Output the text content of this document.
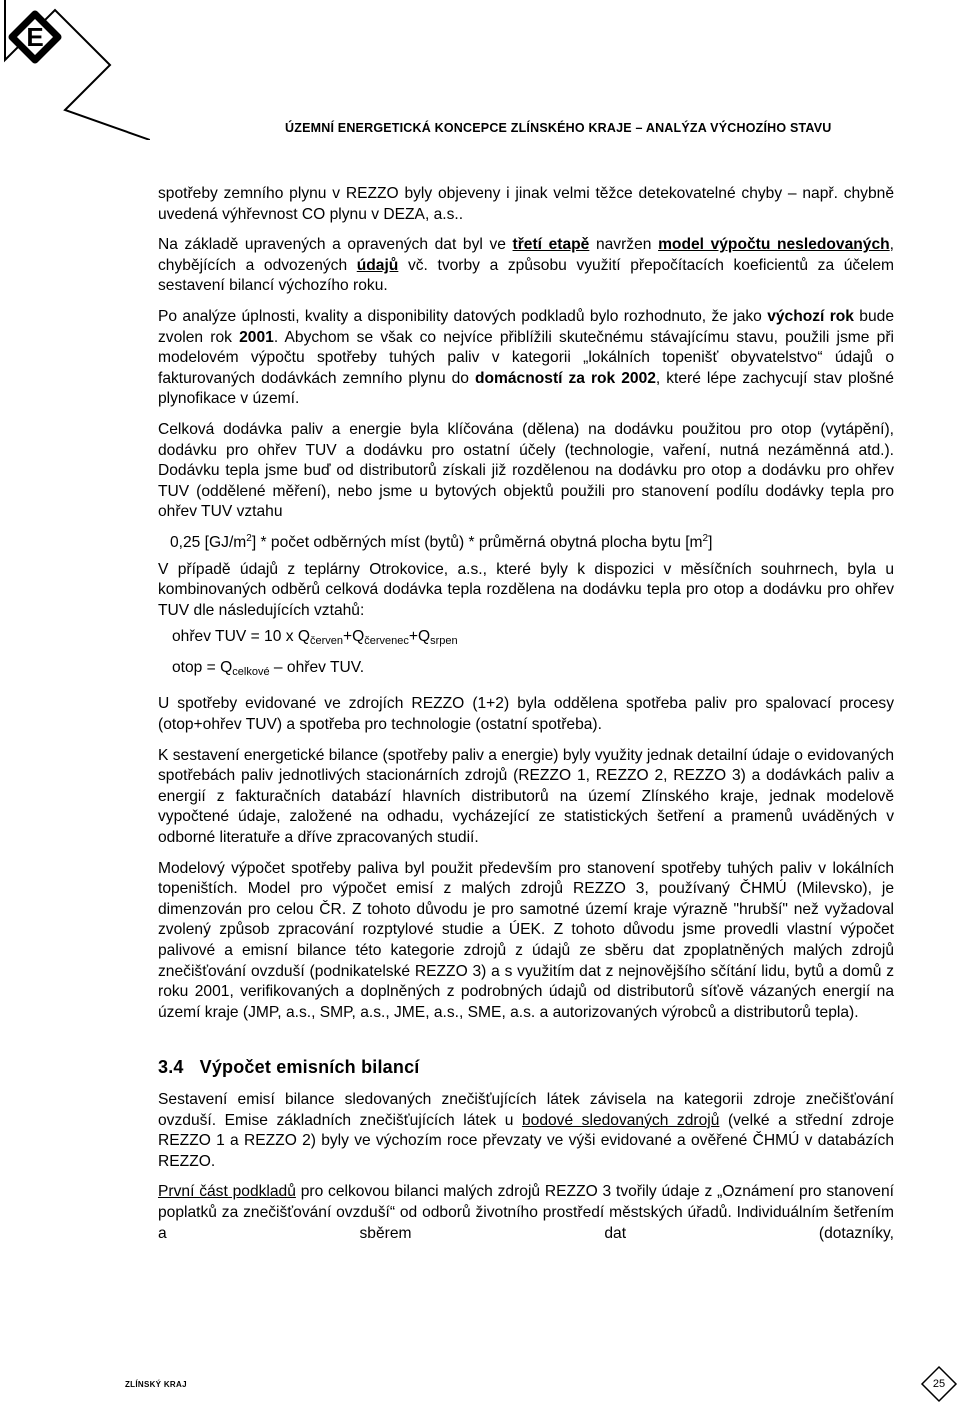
E
ÚZEMNÍ ENERGETICKÁ KONCEPCE ZLÍNSKÉHO KRAJE – ANALÝZA VÝCHOZÍHO STAVU

spotřeby zemního plynu v REZZO byly objeveny i jinak velmi těžce detekovatelné chyby – např. chybně uvedená výhřevnost CO plynu v DEZA, a.s..

Na základě upravených a opravených dat byl ve třetí etapě navržen model výpočtu nesledovaných, chybějících a odvozených údajů vč. tvorby a způsobu využití přepočítacích koeficientů za účelem sestavení bilancí výchozího roku.

Po analýze úplnosti, kvality a disponibility datových podkladů bylo rozhodnuto, že jako výchozí rok bude zvolen rok 2001. Abychom se však co nejvíce přiblížili skutečnému stávajícímu stavu, použili jsme při modelovém výpočtu spotřeby tuhých paliv v kategorii „lokálních topenišť obyvatelstvo“ údajů o fakturovaných dodávkách zemního plynu do domácností za rok 2002, které lépe zachycují stav plošné plynofikace v území.

Celková dodávka paliv a energie byla klíčována (dělena) na dodávku použitou pro otop (vytápění), dodávku pro ohřev TUV a dodávku pro ostatní účely (technologie, vaření, nutná nezáměnná atd.). Dodávku tepla jsme buď od distributorů získali již rozdělenou na dodávku pro otop a dodávku pro ohřev TUV (oddělené měření), nebo jsme u bytových objektů použili pro stanovení podílu dodávky tepla pro ohřev TUV vztahu

0,25 $[GJ/m^2]$ * počet odběrných míst (bytů) * průměrná obytná plocha bytu $[m^2]$

V případě údajů z teplárny Otrokovice, a.s., které byly k dispozici v měsíčních souhrnech, byla u kombinovaných odběrů celková dodávka tepla rozdělena na dodávku tepla pro otop a dodávku pro ohřev TUV dle následujících vztahů:

ohřev TUV = 10 x $Q_{červen}+Q_{červenec}+Q_{srpen}$

otop = $Q_{celkové}$ – ohřev TUV.

U spotřeby evidované ve zdrojích REZZO (1+2) byla oddělena spotřeba paliv pro spalovací procesy (otop+ohřev TUV) a spotřeba pro technologie (ostatní spotřeba).

K sestavení energetické bilance (spotřeby paliv a energie) byly využity jednak detailní údaje o evidovaných spotřebách paliv jednotlivých stacionárních zdrojů (REZZO 1, REZZO 2, REZZO 3) a dodávkách paliv a energií z fakturačních databází hlavních distributorů na území Zlínského kraje, jednak modelově vypočtené údaje, založené na odhadu, vycházející ze statistických šetření a pramenů uváděných v odborné literatuře a dříve zpracovaných studií.

Modelový výpočet spotřeby paliva byl použit především pro stanovení spotřeby tuhých paliv v lokálních topeništích. Model pro výpočet emisí z malých zdrojů REZZO 3, používaný ČHMÚ (Milevsko), je dimenzován pro celou ČR. Z tohoto důvodu je pro samotné území kraje výrazně "hrubší" než vyžadoval zvolený způsob zpracování rozptylové studie a ÚEK. Z tohoto důvodu jsme provedli vlastní výpočet palivové a emisní bilance této kategorie zdrojů z údajů ze sběru dat zpoplatněných malých zdrojů znečišťování ovzduší (podnikatelské REZZO 3) a s využitím dat z nejnovějšího sčítání lidu, bytů a domů z roku 2001, verifikovaných a doplněných z podrobných údajů od distributorů síťově vázaných energií na území kraje (JMP, a.s., SMP, a.s., JME, a.s., SME, a.s. a autorizovaných výrobců a distributorů tepla).

3.4 Výpočet emisních bilancí

Sestavení emisí bilance sledovaných znečišťujících látek závisela na kategorii zdroje znečišťování ovzduší. Emise základních znečišťujících látek u bodové sledovaných zdrojů (velké a střední zdroje REZZO 1 a REZZO 2) byly ve výchozím roce převzaty ve výši evidované a ověřené ČHMÚ v databázích REZZO.

První část podkladů pro celkovou bilanci malých zdrojů REZZO 3 tvořily údaje z „Oznámení pro stanovení poplatků za znečišťování ovzduší“ od odborů životního prostředí městských úřadů. Individuálním šetřením a sběrem dat (dotazníky,

ZLÍNSKÝ KRAJ	25
